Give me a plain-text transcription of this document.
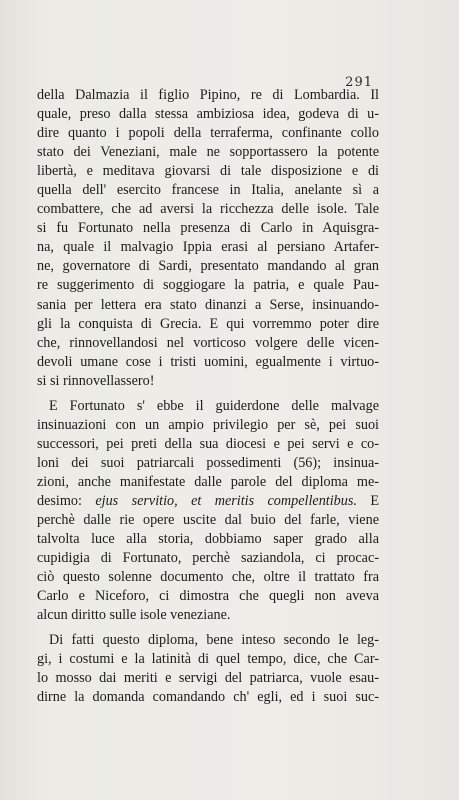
291
della Dalmazia il figlio Pipino, re di Lombardia. Il
quale, preso dalla stessa ambiziosa idea, godeva di u-
dire quanto i popoli della terraferma, confinante collo
stato dei Veneziani, male ne sopportassero la potente
libertà, e meditava giovarsi di tale disposizione e di
quella dell' esercito francese in Italia, anelante sì a
combattere, che ad aversi la ricchezza delle isole. Tale
si fu Fortunato nella presenza di Carlo in Aquisgra-
na, quale il malvagio Ippia erasi al persiano Artafer-
ne, governatore di Sardi, presentato mandando al gran
re suggerimento di soggiogare la patria, e quale Pau-
sania per lettera era stato dinanzi a Serse, insinuando-
gli la conquista di Grecia. E qui vorremmo poter dire
che, rinnovellandosi nel vorticoso volgere delle vicen-
devoli umane cose i tristi uomini, egualmente i virtuo-
si si rinnovellassero!
E Fortunato s' ebbe il guiderdone delle malvage
insinuazioni con un ampio privilegio per sè, pei suoi
successori, pei preti della sua diocesi e pei servi e co-
loni dei suoi patriarcali possedimenti (56); insinua-
zioni, anche manifestate dalle parole del diploma me-
desimo: ejus servitio, et meritis compellentibus. E
perchè dalle rie opere uscite dal buio del farle, viene
talvolta luce alla storia, dobbiamo saper grado alla
cupidigia di Fortunato, perchè saziandola, ci procac-
ciò questo solenne documento che, oltre il trattato fra
Carlo e Niceforo, ci dimostra che quegli non aveva
alcun diritto sulle isole veneziane.
Di fatti questo diploma, bene inteso secondo le leg-
gi, i costumi e la latinità di quel tempo, dice, che Car-
lo mosso dai meriti e servigi del patriarca, vuole esau-
dirne la domanda comandando ch' egli, ed i suoi suc-
